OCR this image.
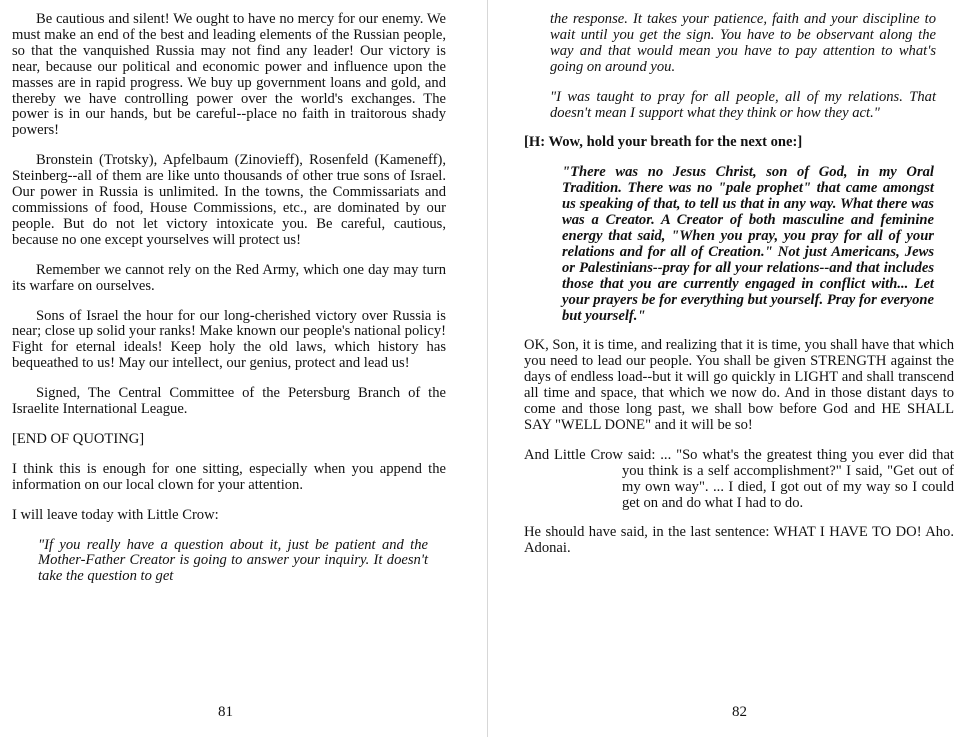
Be cautious and silent! We ought to have no mercy for our enemy. We must make an end of the best and leading elements of the Russian people, so that the vanquished Russia may not find any leader! Our victory is near, because our political and economic power and influence upon the masses are in rapid progress. We buy up government loans and gold, and thereby we have controlling power over the world's exchanges. The power is in our hands, but be careful--place no faith in traitorous shady powers!

Bronstein (Trotsky), Apfelbaum (Zinovieff), Rosenfeld (Kameneff), Steinberg--all of them are like unto thousands of other true sons of Israel. Our power in Russia is unlimited. In the towns, the Commissariats and commissions of food, House Commissions, etc., are dominated by our people. But do not let victory intoxicate you. Be careful, cautious, because no one except yourselves will protect us!

Remember we cannot rely on the Red Army, which one day may turn its warfare on ourselves.

Sons of Israel the hour for our long-cherished victory over Russia is near; close up solid your ranks! Make known our people's national policy! Fight for eternal ideals! Keep holy the old laws, which history has bequeathed to us! May our intellect, our genius, protect and lead us!

Signed, The Central Committee of the Petersburg Branch of the Israelite International League.

[END OF QUOTING]

I think this is enough for one sitting, especially when you append the information on our local clown for your attention.

I will leave today with Little Crow:

"If you really have a question about it, just be patient and the Mother-Father Creator is going to answer your inquiry. It doesn't take the question to get

81

the response. It takes your patience, faith and your discipline to wait until you get the sign. You have to be observant along the way and that would mean you have to pay attention to what's going on around you.

"I was taught to pray for all people, all of my relations. That doesn't mean I support what they think or how they act."

[H: Wow, hold your breath for the next one:]

"There was no Jesus Christ, son of God, in my Oral Tradition. There was no "pale prophet" that came amongst us speaking of that, to tell us that in any way. What there was was a Creator. A Creator of both masculine and feminine energy that said, "When you pray, you pray for all of your relations and for all of Creation." Not just Americans, Jews or Palestinians--pray for all your relations--and that includes those that you are currently engaged in conflict with... Let your prayers be for everything but yourself. Pray for everyone but yourself."

OK, Son, it is time, and realizing that it is time, you shall have that which you need to lead our people. You shall be given STRENGTH against the days of endless load--but it will go quickly in LIGHT and shall transcend all time and space, that which we now do. And in those distant days to come and those long past, we shall bow before God and HE SHALL SAY "WELL DONE" and it will be so!

And Little Crow said: ... "So what's the greatest thing you ever did that you think is a self accomplishment?" I said, "Get out of my own way". ... I died, I got out of my way so I could get on and do what I had to do.

He should have said, in the last sentence: WHAT I HAVE TO DO! Aho. Adonai.

82
